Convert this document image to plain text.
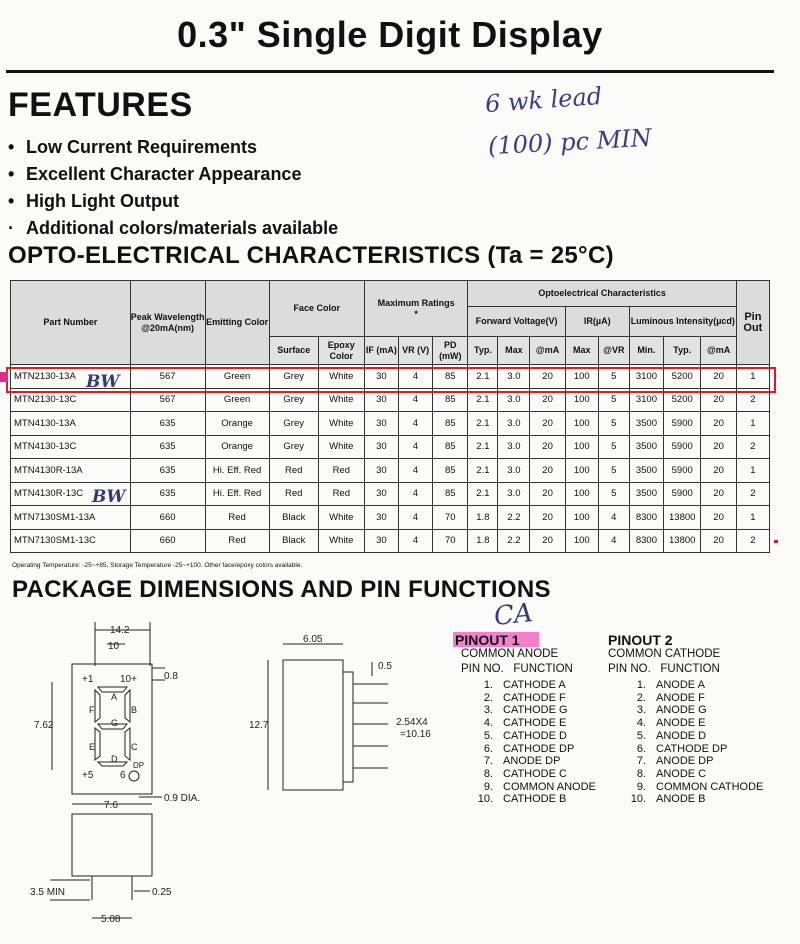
0.3" Single Digit Display
FEATURES
• Low Current Requirements
• Excellent Character Appearance
• High Light Output
· Additional colors/materials available
6 wk lead
(100) pc MIN
OPTO-ELECTRICAL CHARACTERISTICS (Ta = 25°C)
Part Number	Peak Wavelength @20mA(nm)	Emitting Color	Face Color		Maximum Ratings
*			Optoelectrical Characteristics								Pin Out
								Forward Voltage(V)			IR(µA)		Luminous Intensity(µcd)			
			Surface	Epoxy Color	IF (mA)	VR (V)	PD (mW)	Typ.	Max	@mA	Max	@VR	Min.	Typ.	@mA	
MTN2130-13A	567	Green	Grey	White	30	4	85	2.1	3.0	20	100	5	3100	5200	20	1
MTN2130-13C	567	Green	Grey	White	30	4	85	2.1	3.0	20	100	5	3100	5200	20	2
MTN4130-13A	635	Orange	Grey	White	30	4	85	2.1	3.0	20	100	5	3500	5900	20	1
MTN4130-13C	635	Orange	Grey	White	30	4	85	2.1	3.0	20	100	5	3500	5900	20	2
MTN4130R-13A	635	Hi. Eff. Red	Red	Red	30	4	85	2.1	3.0	20	100	5	3500	5900	20	1
MTN4130R-13C	635	Hi. Eff. Red	Red	Red	30	4	85	2.1	3.0	20	100	5	3500	5900	20	2
MTN7130SM1-13A	660	Red	Black	White	30	4	70	1.8	2.2	20	100	4	8300	13800	20	1
MTN7130SM1-13C	660	Red	Black	White	30	4	70	1.8	2.2	20	100	4	8300	13800	20	2
BW
BW
Operating Temperature: -25~+85, Storage Temperature -25~+100. Other face/epoxy colors available.
PACKAGE DIMENSIONS AND PIN FUNCTIONS
14.2
10
0.8
7.62
A
B
F
G
E	C
D
+1	10+
+5	6
DP
0.9 DIA.
7.6
3.5 MIN	0.25
5.08
6.05
0.5
12.7	2.54X4
=10.16
CA
PINOUT 1
COMMON ANODE
PIN NO. FUNCTION
1.	CATHODE A
2.	CATHODE F
3.	CATHODE G
4.	CATHODE E
5.	CATHODE D
6.	CATHODE DP
7.	ANODE DP
8.	CATHODE C
9.	COMMON ANODE
10.	CATHODE B
PINOUT 2
COMMON CATHODE
PIN NO. FUNCTION
1.	ANODE A
2.	ANODE F
3.	ANODE G
4.	ANODE E
5.	ANODE D
6.	CATHODE DP
7.	ANODE DP
8.	ANODE C
9.	COMMON CATHODE
10.	ANODE B
